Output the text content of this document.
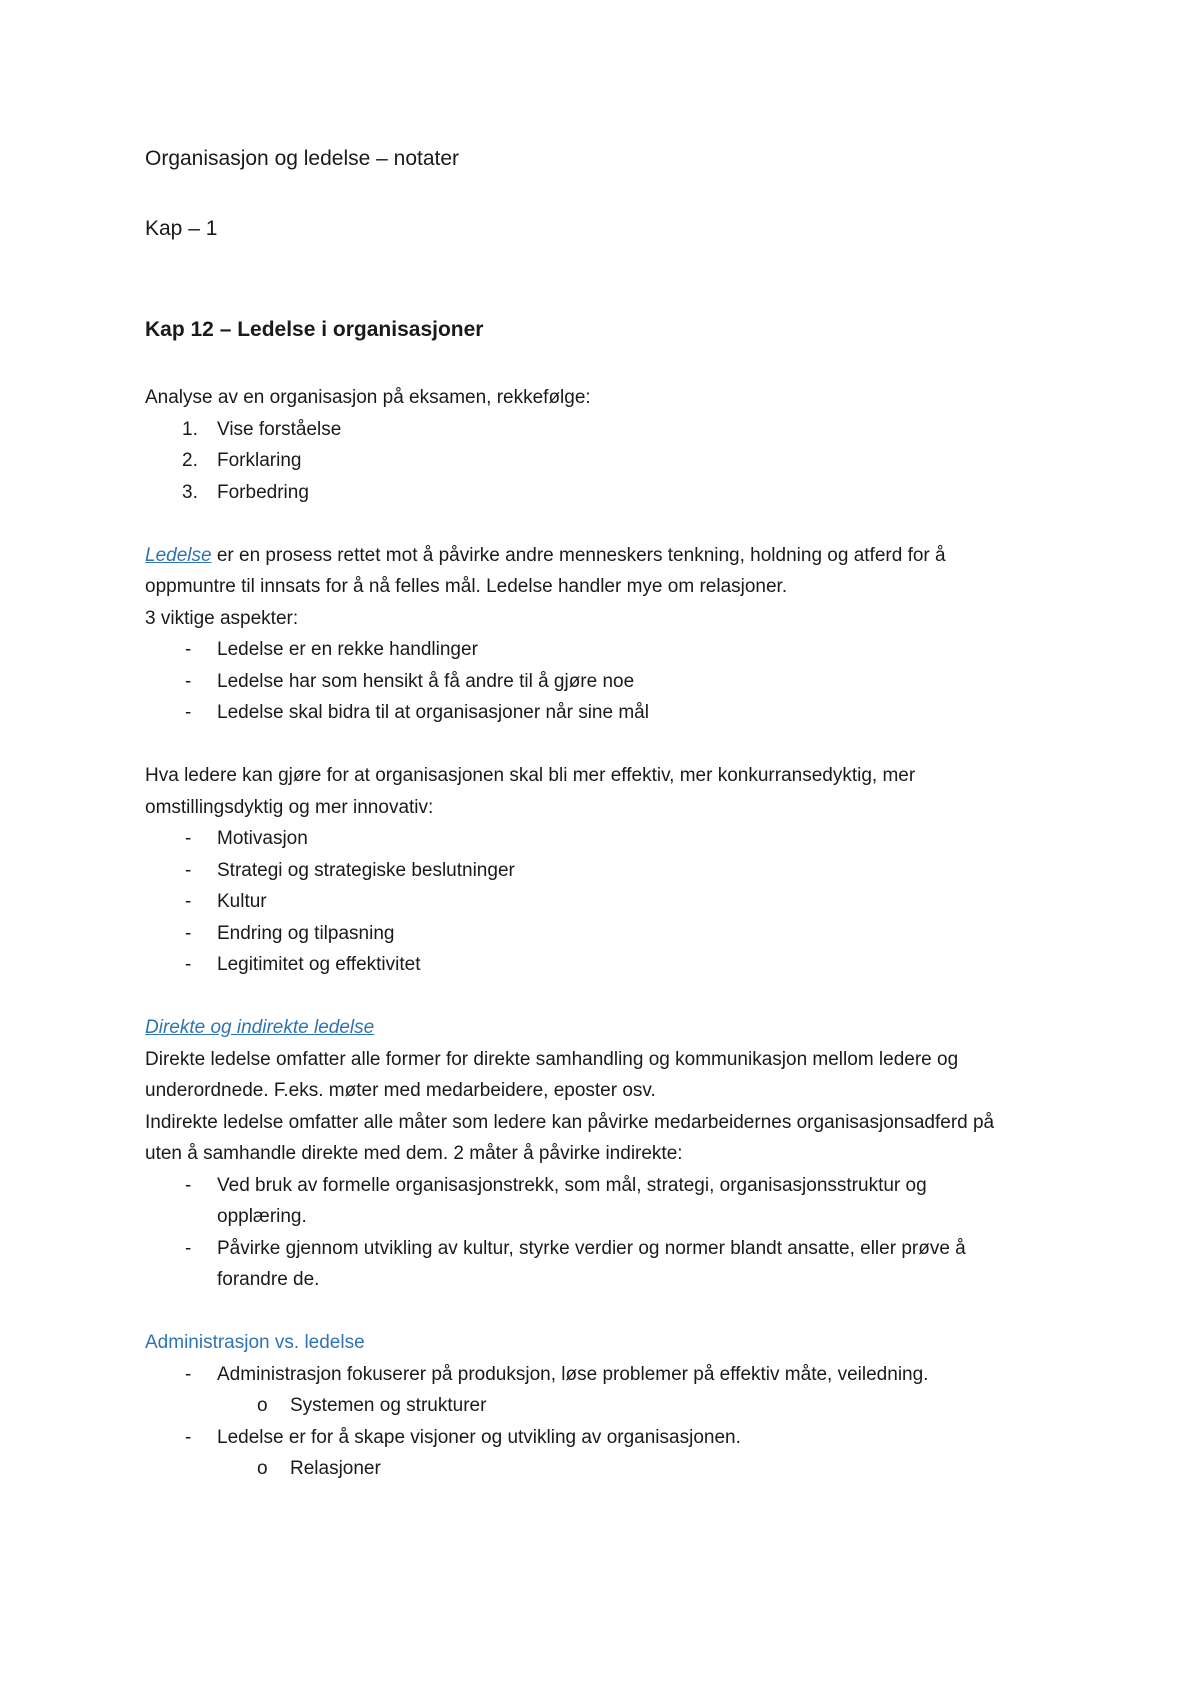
Organisasjon og ledelse – notater
Kap – 1
Kap 12 – Ledelse i organisasjoner

Analyse av en organisasjon på eksamen, rekkefølge:

1. Vise forståelse

2. Forklaring

3. Forbedring

Ledelse er en prosess rettet mot å påvirke andre menneskers tenkning, holdning og atferd for å

oppmuntre til innsats for å nå felles mål. Ledelse handler mye om relasjoner.

3 viktige aspekter:

- Ledelse er en rekke handlinger

- Ledelse har som hensikt å få andre til å gjøre noe

- Ledelse skal bidra til at organisasjoner når sine mål

Hva ledere kan gjøre for at organisasjonen skal bli mer effektiv, mer konkurransedyktig, mer

omstillingsdyktig og mer innovativ:

- Motivasjon

- Strategi og strategiske beslutninger

- Kultur

- Endring og tilpasning

- Legitimitet og effektivitet

Direkte og indirekte ledelse

Direkte ledelse omfatter alle former for direkte samhandling og kommunikasjon mellom ledere og

underordnede. F.eks. møter med medarbeidere, eposter osv.

Indirekte ledelse omfatter alle måter som ledere kan påvirke medarbeidernes organisasjonsadferd på

uten å samhandle direkte med dem. 2 måter å påvirke indirekte:

- Ved bruk av formelle organisasjonstrekk, som mål, strategi, organisasjonsstruktur og

opplæring.

- Påvirke gjennom utvikling av kultur, styrke verdier og normer blandt ansatte, eller prøve å

forandre de.

Administrasjon vs. ledelse

- Administrasjon fokuserer på produksjon, løse problemer på effektiv måte, veiledning.

o Systemen og strukturer

- Ledelse er for å skape visjoner og utvikling av organisasjonen.

o Relasjoner
